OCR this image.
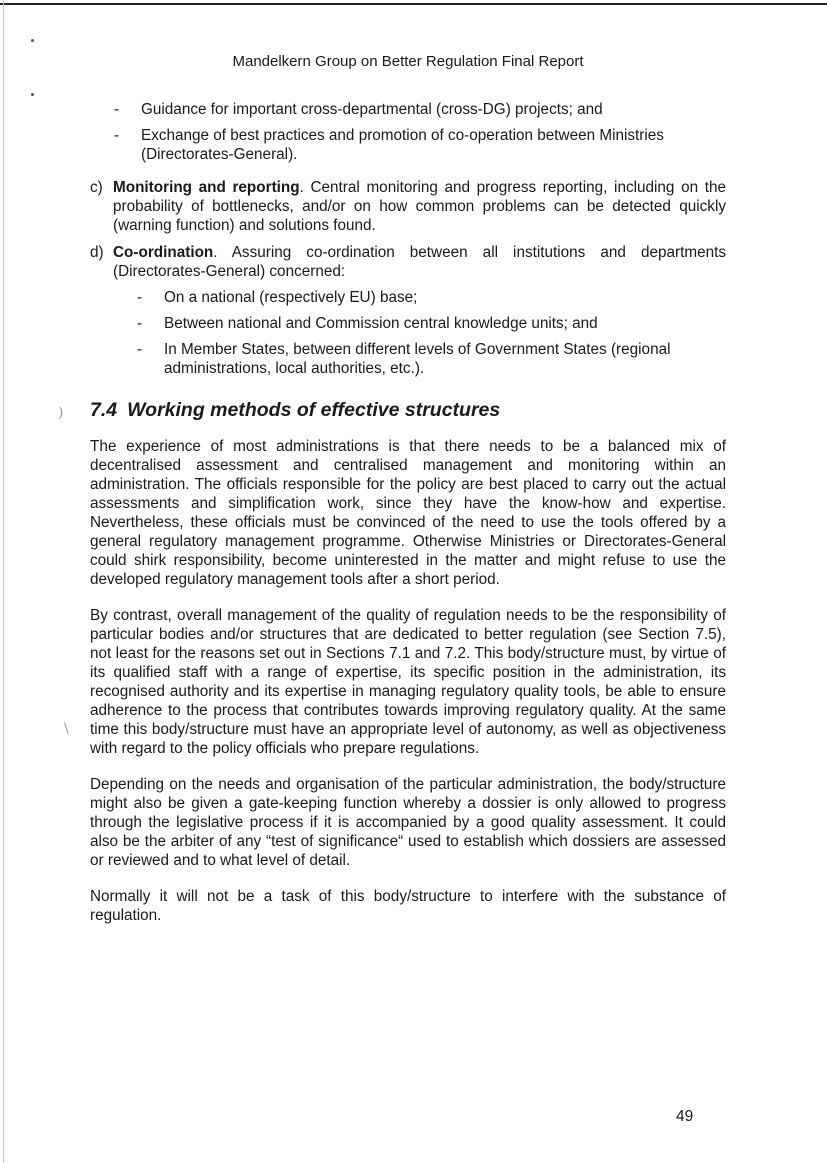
)
\
Mandelkern Group on Better Regulation Final Report
- Guidance for important cross-departmental (cross-DG) projects; and
- Exchange of best practices and promotion of co-operation between Ministries (Directorates-General).
c) Monitoring and reporting. Central monitoring and progress reporting, including on the probability of bottlenecks, and/or on how common problems can be detected quickly (warning function) and solutions found.
d) Co-ordination. Assuring co-ordination between all institutions and departments (Directorates-General) concerned:
- On a national (respectively EU) base;
- Between national and Commission central knowledge units; and
- In Member States, between different levels of Government States (regional administrations, local authorities, etc.).
7.4 Working methods of effective structures

The experience of most administrations is that there needs to be a balanced mix of decentralised assessment and centralised management and monitoring within an administration. The officials responsible for the policy are best placed to carry out the actual assessments and simplification work, since they have the know-how and expertise. Nevertheless, these officials must be convinced of the need to use the tools offered by a general regulatory management programme. Otherwise Ministries or Directorates-General could shirk responsibility, become uninterested in the matter and might refuse to use the developed regulatory management tools after a short period.

By contrast, overall management of the quality of regulation needs to be the responsibility of particular bodies and/or structures that are dedicated to better regulation (see Section 7.5), not least for the reasons set out in Sections 7.1 and 7.2. This body/structure must, by virtue of its qualified staff with a range of expertise, its specific position in the administration, its recognised authority and its expertise in managing regulatory quality tools, be able to ensure adherence to the process that contributes towards improving regulatory quality. At the same time this body/structure must have an appropriate level of autonomy, as well as objectiveness with regard to the policy officials who prepare regulations.

Depending on the needs and organisation of the particular administration, the body/structure might also be given a gate-keeping function whereby a dossier is only allowed to progress through the legislative process if it is accompanied by a good quality assessment. It could also be the arbiter of any “test of significance“ used to establish which dossiers are assessed or reviewed and to what level of detail.

Normally it will not be a task of this body/structure to interfere with the substance of regulation.

49
